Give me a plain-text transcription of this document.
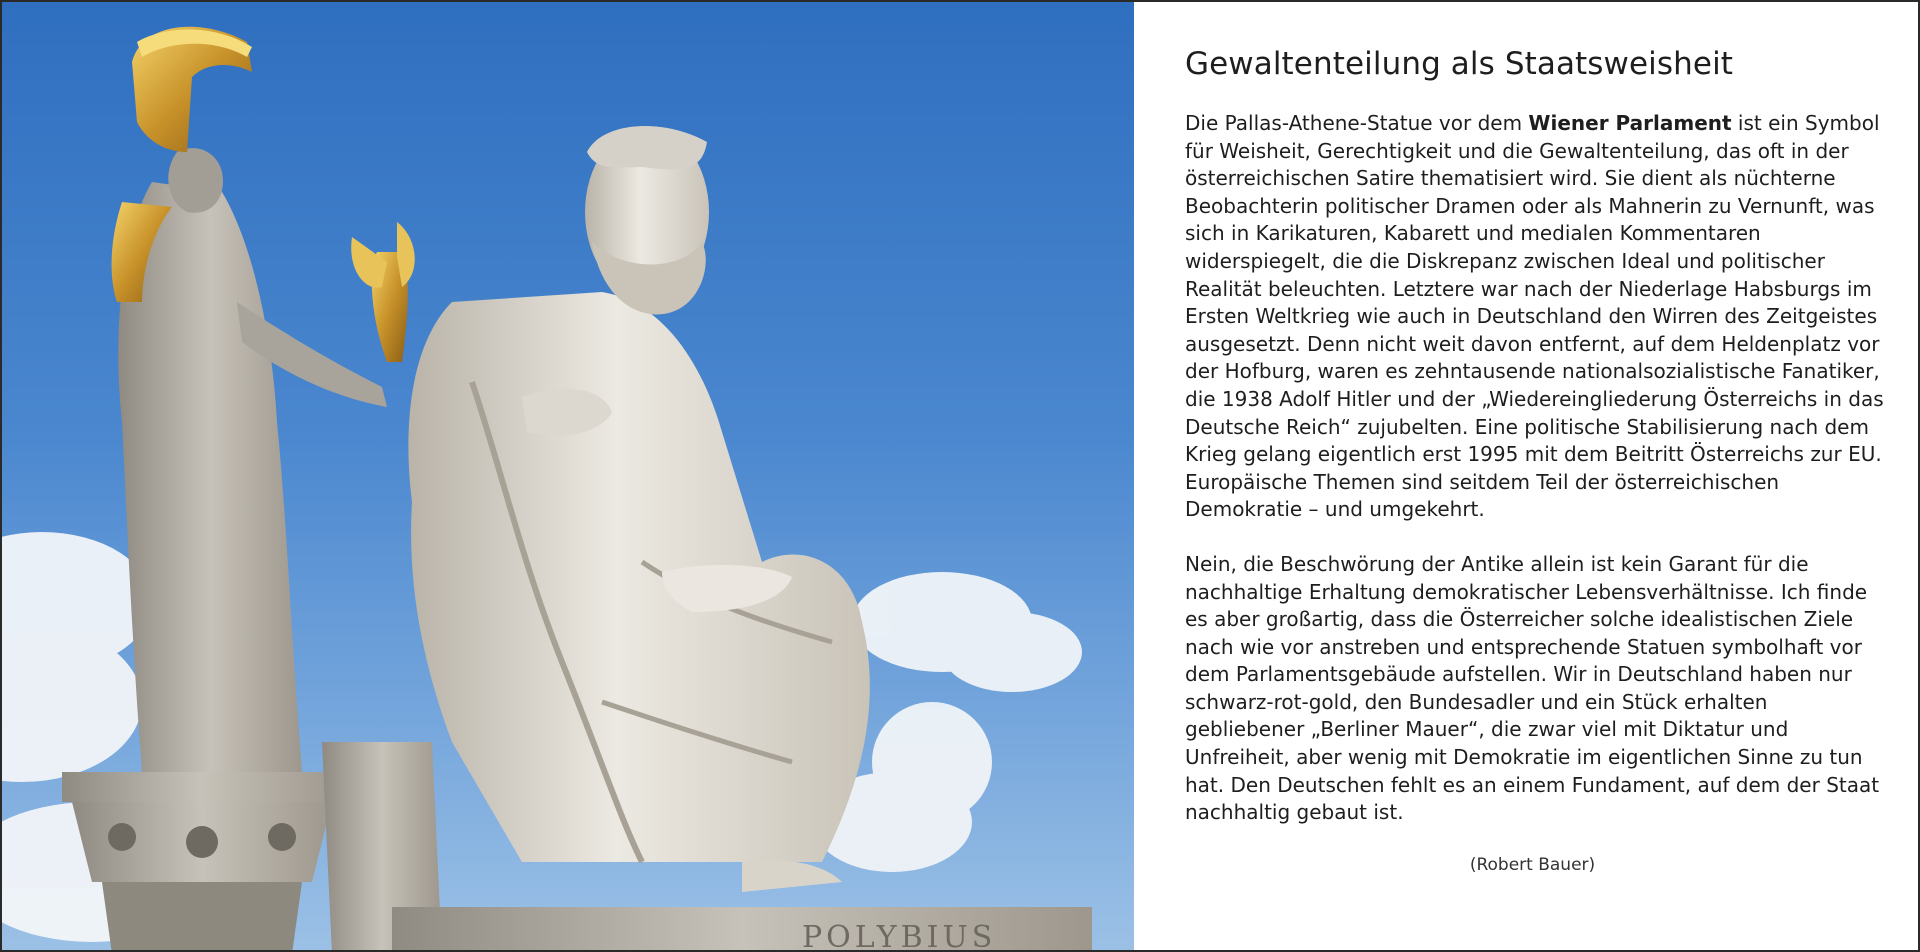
POLYBIUS
Gewaltenteilung als Staatsweisheit

Die Pallas-Athene-Statue vor dem Wiener Parlament ist ein Symbol für Weisheit, Gerechtigkeit und die Gewaltenteilung, das oft in der österreichischen Satire thematisiert wird. Sie dient als nüchterne Beobachterin politischer Dramen oder als Mahnerin zu Vernunft, was sich in Karikaturen, Kabarett und medialen Kommentaren widerspiegelt, die die Diskrepanz zwischen Ideal und politischer Realität beleuchten. Letztere war nach der Niederlage Habsburgs im Ersten Weltkrieg wie auch in Deutschland den Wirren des Zeitgeistes ausgesetzt. Denn nicht weit davon entfernt, auf dem Heldenplatz vor der Hofburg, waren es zehntausende nationalsozialistische Fanatiker, die 1938 Adolf Hitler und der „Wiedereingliederung Österreichs in das Deutsche Reich“ zujubelten. Eine politische Stabilisierung nach dem Krieg gelang eigentlich erst 1995 mit dem Beitritt Österreichs zur EU. Europäische Themen sind seitdem Teil der österreichischen Demokratie – und umgekehrt.

Nein, die Beschwörung der Antike allein ist kein Garant für die nachhaltige Erhaltung demokratischer Lebensverhältnisse. Ich finde es aber großartig, dass die Österreicher solche idealistischen Ziele nach wie vor anstreben und entsprechende Statuen symbolhaft vor dem Parlamentsgebäude aufstellen. Wir in Deutschland haben nur schwarz-rot-gold, den Bundesadler und ein Stück erhalten gebliebener „Berliner Mauer“, die zwar viel mit Diktatur und Unfreiheit, aber wenig mit Demokratie im eigentlichen Sinne zu tun hat. Den Deutschen fehlt es an einem Fundament, auf dem der Staat nachhaltig gebaut ist.

(Robert Bauer)
